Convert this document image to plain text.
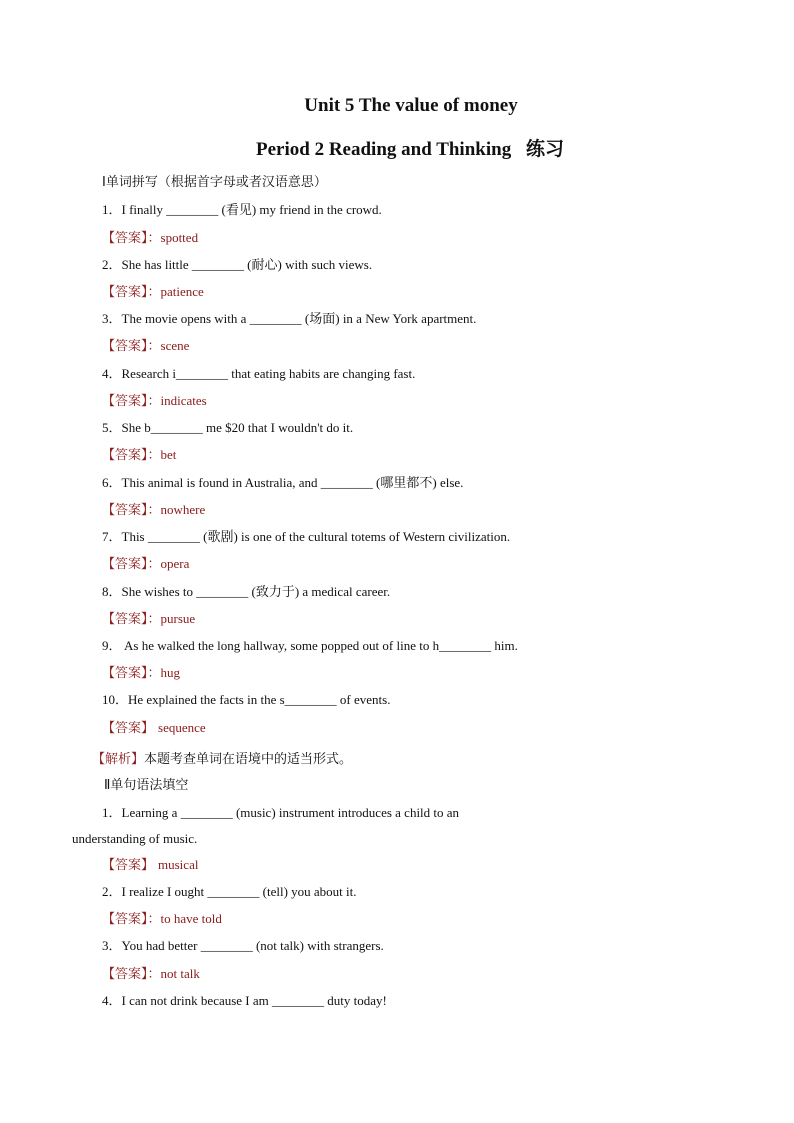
Unit 5 The value of money
Period 2 Reading and Thinking 练习
Ⅰ单词拼写（根据首字母或者汉语意思）
1．I finally ________ (看见) my friend in the crowd.
【答案】：spotted
2．She has little ________ (耐心) with such views.
【答案】：patience
3．The movie opens with a ________ (场面) in a New York apartment.
【答案】：scene
4．Research i________ that eating habits are changing fast.
【答案】：indicates
5．She b________ me $20 that I wouldn't do it.
【答案】：bet
6．This animal is found in Australia, and ________ (哪里都不) else.
【答案】：nowhere
7．This ________ (歌剧) is one of the cultural totems of Western civilization.
【答案】：opera
8．She wishes to ________ (致力于) a medical career.
【答案】：pursue
9． As he walked the long hallway, some popped out of line to h________ him.
【答案】：hug
10．He explained the facts in the s________ of events.
【答案】 sequence
【解析】本题考查单词在语境中的适当形式。
Ⅱ单句语法填空
1．Learning a ________ (music) instrument introduces a child to an
understanding of music.
【答案】 musical
2．I realize I ought ________ (tell) you about it.
【答案】：to have told
3．You had better ________ (not talk) with strangers.
【答案】：not talk
4．I can not drink because I am ________ duty today!
